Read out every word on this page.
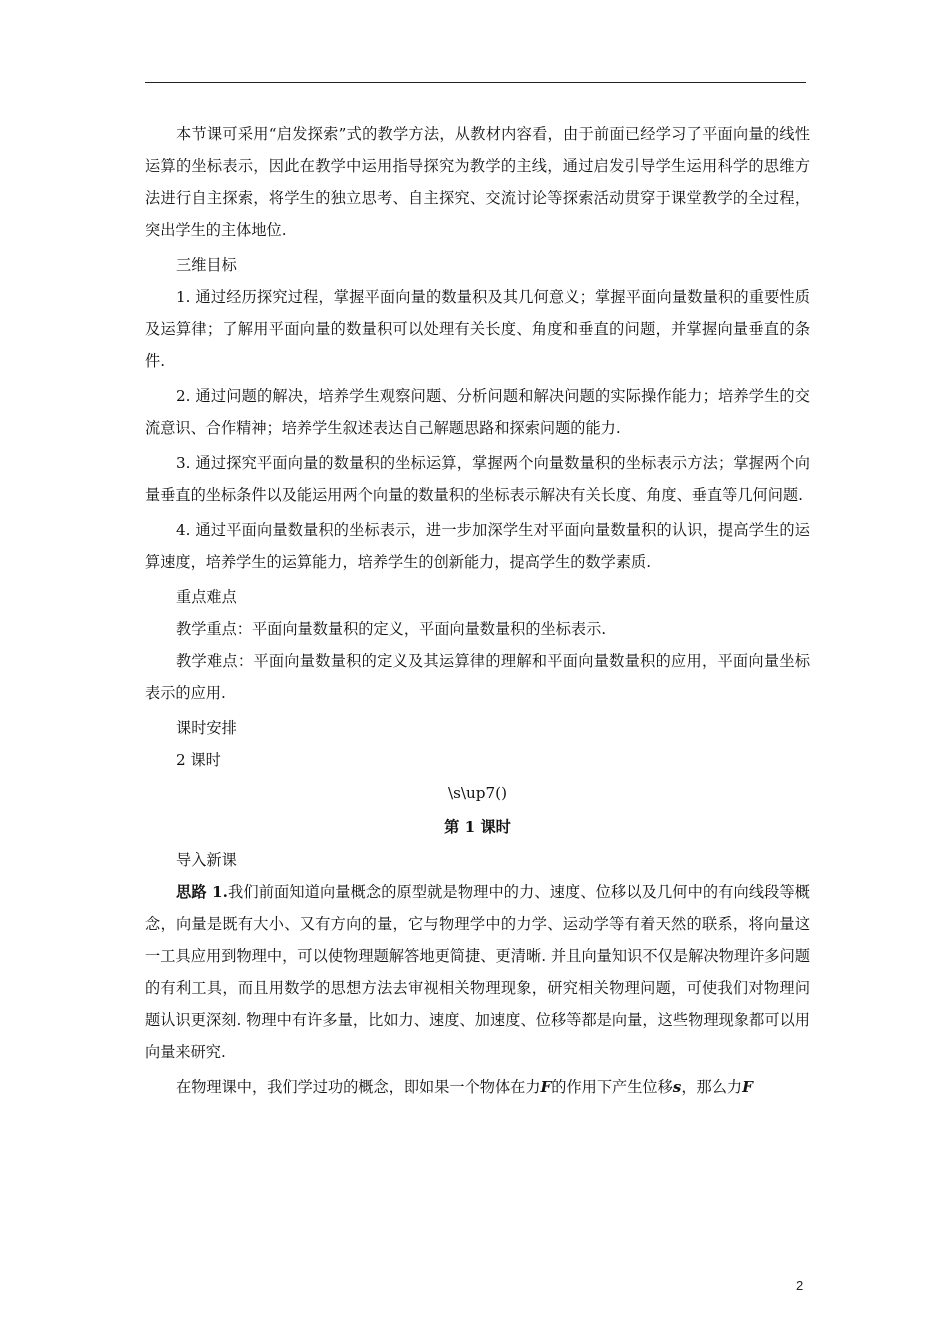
本节课可采用“启发探索”式的教学方法，从教材内容看，由于前面已经学习了平面向量的线性运算的坐标表示，因此在教学中运用指导探究为教学的主线，通过启发引导学生运用科学的思维方法进行自主探索，将学生的独立思考、自主探究、交流讨论等探索活动贯穿于课堂教学的全过程，突出学生的主体地位.

三维目标

1. 通过经历探究过程，掌握平面向量的数量积及其几何意义；掌握平面向量数量积的重要性质及运算律；了解用平面向量的数量积可以处理有关长度、角度和垂直的问题，并掌握向量垂直的条件.

2. 通过问题的解决，培养学生观察问题、分析问题和解决问题的实际操作能力；培养学生的交流意识、合作精神；培养学生叙述表达自己解题思路和探索问题的能力.

3. 通过探究平面向量的数量积的坐标运算，掌握两个向量数量积的坐标表示方法；掌握两个向量垂直的坐标条件以及能运用两个向量的数量积的坐标表示解决有关长度、角度、垂直等几何问题.

4. 通过平面向量数量积的坐标表示，进一步加深学生对平面向量数量积的认识，提高学生的运算速度，培养学生的运算能力，培养学生的创新能力，提高学生的数学素质.

重点难点

教学重点：平面向量数量积的定义，平面向量数量积的坐标表示.

教学难点：平面向量数量积的定义及其运算律的理解和平面向量数量积的应用，平面向量坐标表示的应用.

课时安排

2 课时

\s\up7()

第 1 课时

导入新课

思路 1.我们前面知道向量概念的原型就是物理中的力、速度、位移以及几何中的有向线段等概念，向量是既有大小、又有方向的量，它与物理学中的力学、运动学等有着天然的联系，将向量这一工具应用到物理中，可以使物理题解答地更简捷、更清晰. 并且向量知识不仅是解决物理许多问题的有利工具，而且用数学的思想方法去审视相关物理现象，研究相关物理问题，可使我们对物理问题认识更深刻. 物理中有许多量，比如力、速度、加速度、位移等都是向量，这些物理现象都可以用向量来研究.

在物理课中，我们学过功的概念，即如果一个物体在力F的作用下产生位移s，那么力F

2
